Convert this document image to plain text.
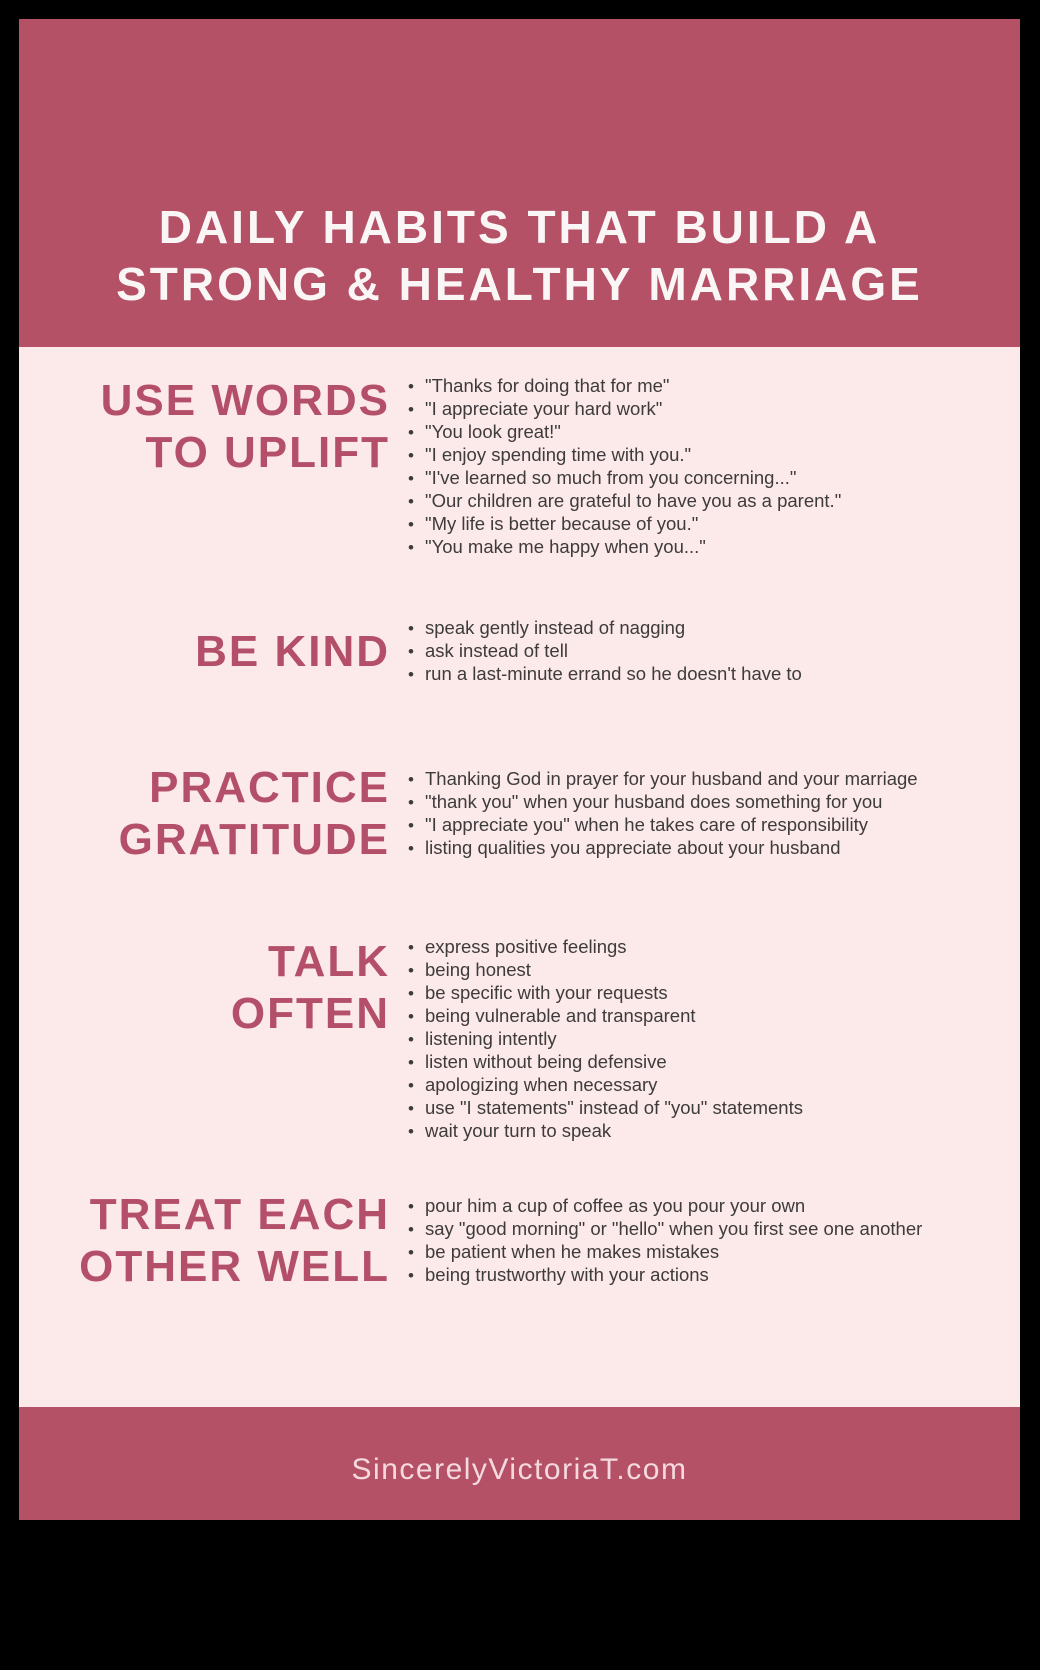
DAILY HABITS THAT BUILD A
STRONG & HEALTHY MARRIAGE
USE WORDS
TO UPLIFT
• "Thanks for doing that for me"
• "I appreciate your hard work"
• "You look great!"
• "I enjoy spending time with you."
• "I've learned so much from you concerning..."
• "Our children are grateful to have you as a parent."
• "My life is better because of you."
• "You make me happy when you..."
BE KIND • speak gently instead of nagging
• ask instead of tell
• run a last-minute errand so he doesn't have to
PRACTICE
GRATITUDE
• Thanking God in prayer for your husband and your marriage
• "thank you" when your husband does something for you
• "I appreciate you" when he takes care of responsibility
• listing qualities you appreciate about your husband
TALK
OFTEN
• express positive feelings
• being honest
• be specific with your requests
• being vulnerable and transparent
• listening intently
• listen without being defensive
• apologizing when necessary
• use "I statements" instead of "you" statements
• wait your turn to speak
TREAT EACH
OTHER WELL
• pour him a cup of coffee as you pour your own
• say "good morning" or "hello" when you first see one another
• be patient when he makes mistakes
• being trustworthy with your actions
SincerelyVictoriaT.com
